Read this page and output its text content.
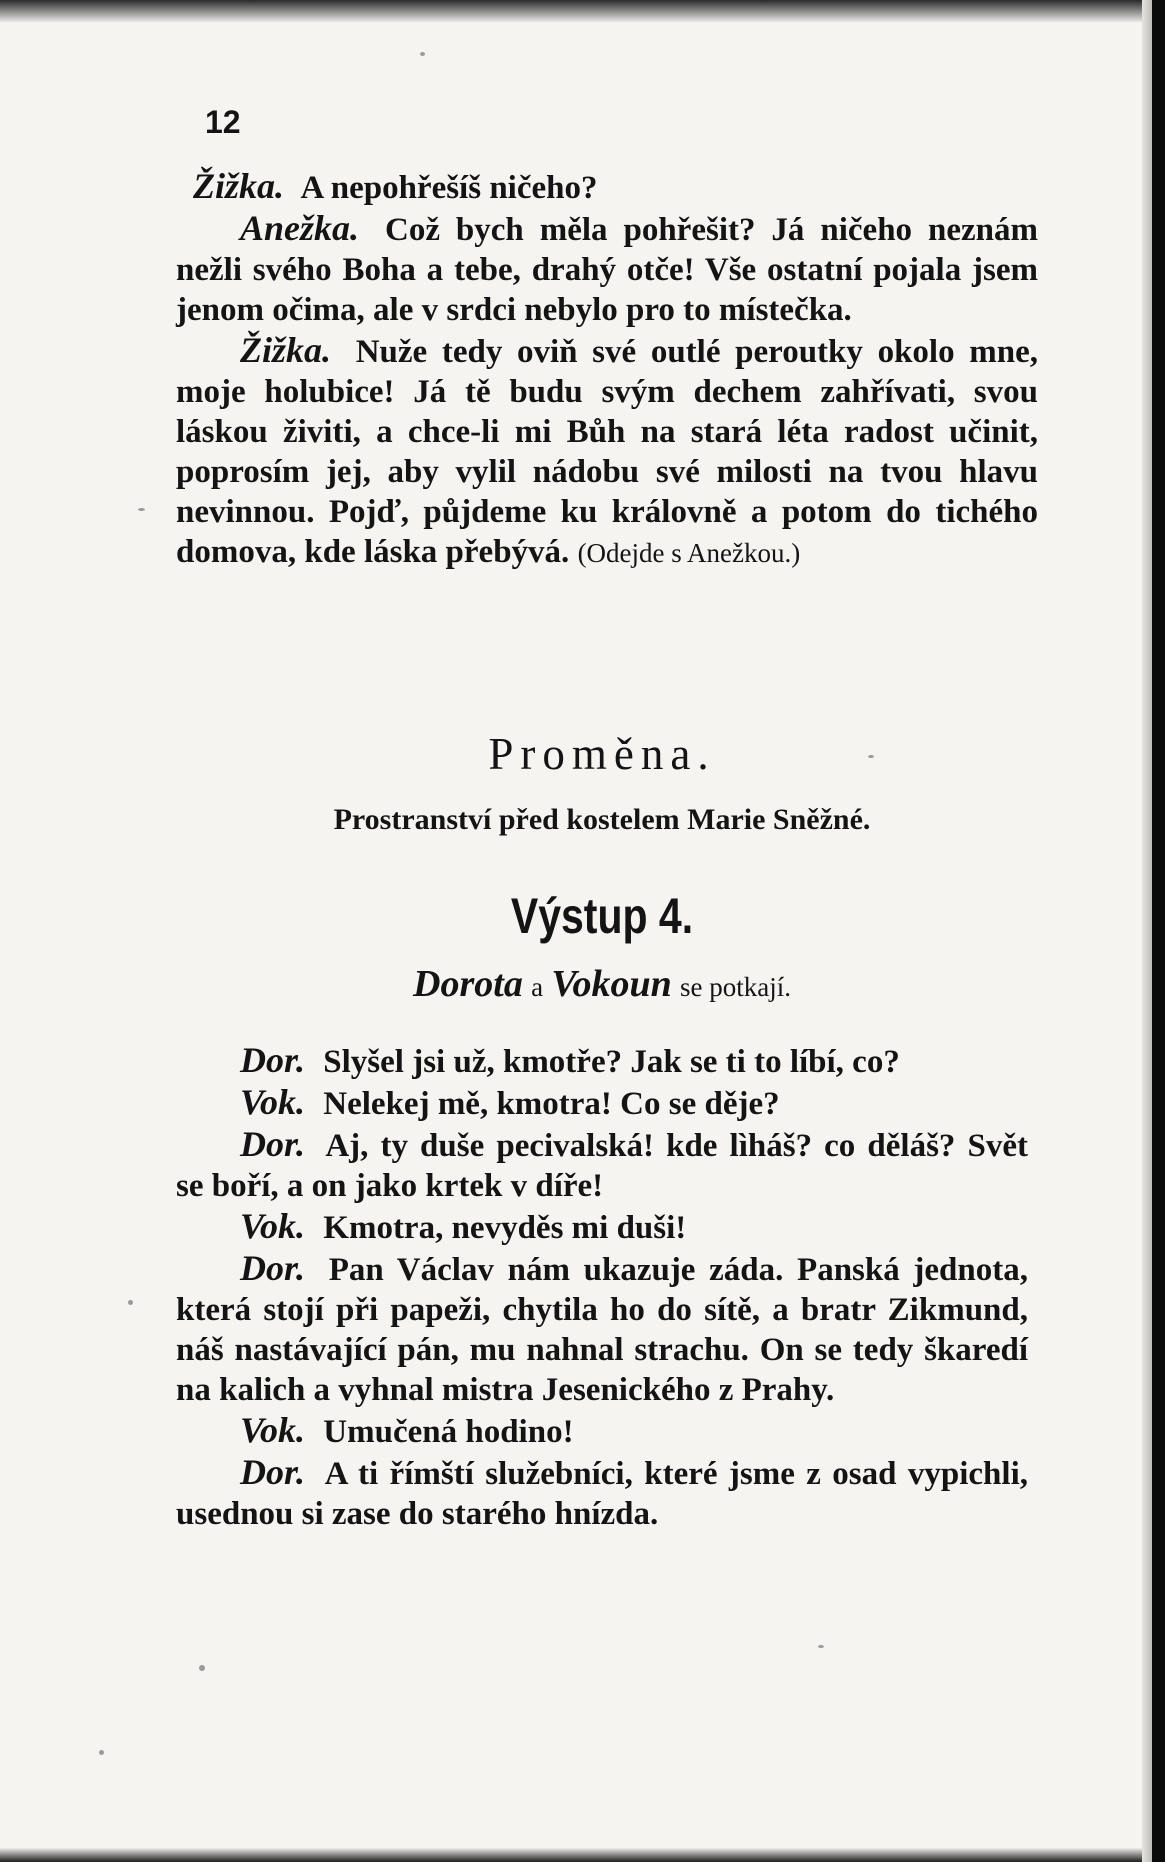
12

Žižka. A nepohřešíš ničeho?

Anežka. Což bych měla pohřešit? Já ničeho neznám nežli svého Boha a tebe, drahý otče! Vše ostatní pojala jsem jenom očima, ale v srdci nebylo pro to místečka.

Žižka. Nuže tedy oviň své outlé peroutky okolo mne, moje holubice! Já tě budu svým dechem zahřívati, svou láskou živiti, a chce-li mi Bůh na stará léta radost učinit, poprosím jej, aby vylil nádobu své milosti na tvou hlavu nevinnou. Pojď, půjdeme ku královně a potom do tichého domova, kde láska přebývá. (Odejde s Anežkou.)

Proměna.
Prostranství před kostelem Marie Sněžné.
Výstup 4.
Dorota a Vokoun se potkají.

Dor. Slyšel jsi už, kmotře? Jak se ti to líbí, co?

Vok. Nelekej mě, kmotra! Co se děje?

Dor. Aj, ty duše pecivalská! kde lìháš? co děláš? Svět se boří, a on jako krtek v díře!

Vok. Kmotra, nevyděs mi duši!

Dor. Pan Václav nám ukazuje záda. Panská jednota, která stojí při papeži, chytila ho do sítě, a bratr Zikmund, náš nastávající pán, mu nahnal strachu. On se tedy škaredí na kalich a vyhnal mistra Jesenického z Prahy.

Vok. Umučená hodino!

Dor. A ti římští služebníci, které jsme z osad vypichli, usednou si zase do starého hnízda.
